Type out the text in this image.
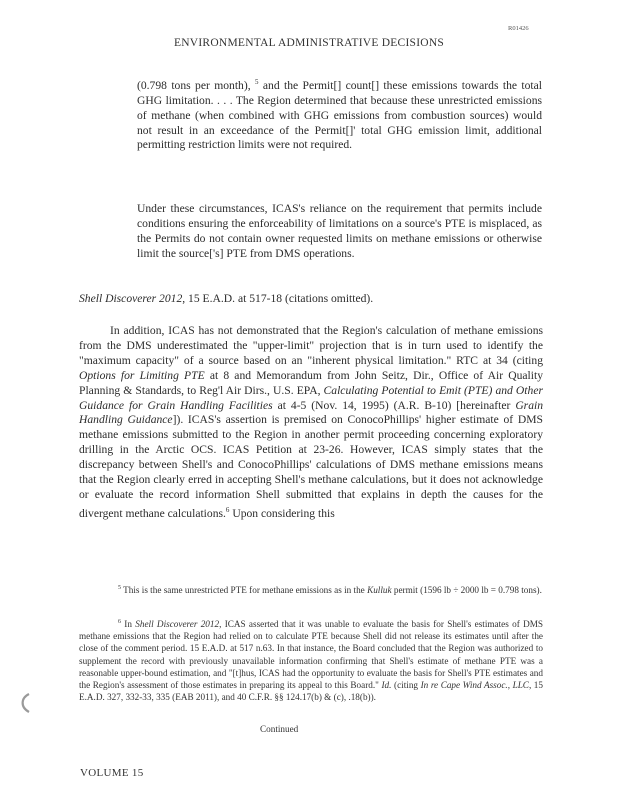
R01426
ENVIRONMENTAL ADMINISTRATIVE DECISIONS

(0.798 tons per month), $^5$ and the Permit[] count[] these emissions towards the total GHG limitation. . . . The Region determined that because these unrestricted emissions of methane (when combined with GHG emissions from combustion sources) would not result in an exceedance of the Permit[]' total GHG emission limit, additional permitting restriction limits were not required.

Under these circumstances, ICAS's reliance on the requirement that permits include conditions ensuring the enforceability of limitations on a source's PTE is misplaced, as the Permits do not contain owner requested limits on methane emissions or otherwise limit the source['s] PTE from DMS operations.

Shell Discoverer 2012, 15 E.A.D. at 517-18 (citations omitted).

In addition, ICAS has not demonstrated that the Region's calculation of methane emissions from the DMS underestimated the "upper-limit" projection that is in turn used to identify the "maximum capacity" of a source based on an "inherent physical limitation." RTC at 34 (citing Options for Limiting PTE at 8 and Memorandum from John Seitz, Dir., Office of Air Quality Planning & Standards, to Reg'l Air Dirs., U.S. EPA, Calculating Potential to Emit (PTE) and Other Guidance for Grain Handling Facilities at 4-5 (Nov. 14, 1995) (A.R. B-10) [hereinafter Grain Handling Guidance]). ICAS's assertion is premised on ConocoPhillips' higher estimate of DMS methane emissions submitted to the Region in another permit proceeding concerning exploratory drilling in the Arctic OCS. ICAS Petition at 23-26. However, ICAS simply states that the discrepancy between Shell's and ConocoPhillips' calculations of DMS methane emissions means that the Region clearly erred in accepting Shell's methane calculations, but it does not acknowledge or evaluate the record information Shell submitted that explains in depth the causes for the divergent methane calculations.$^6$ Upon considering this

$^5$ This is the same unrestricted PTE for methane emissions as in the Kulluk permit (1596 lb ÷ 2000 lb = 0.798 tons).
$^6$ In Shell Discoverer 2012, ICAS asserted that it was unable to evaluate the basis for Shell's estimates of DMS methane emissions that the Region had relied on to calculate PTE because Shell did not release its estimates until after the close of the comment period. 15 E.A.D. at 517 n.63. In that instance, the Board concluded that the Region was authorized to supplement the record with previously unavailable information confirming that Shell's estimate of methane PTE was a reasonable upper-bound estimation, and "[t]hus, ICAS had the opportunity to evaluate the basis for Shell's PTE estimates and the Region's assessment of those estimates in preparing its appeal to this Board." Id. (citing In re Cape Wind Assoc., LLC, 15 E.A.D. 327, 332-33, 335 (EAB 2011), and 40 C.F.R. §§ 124.17(b) & (c), .18(b)).
Continued
VOLUME 15
